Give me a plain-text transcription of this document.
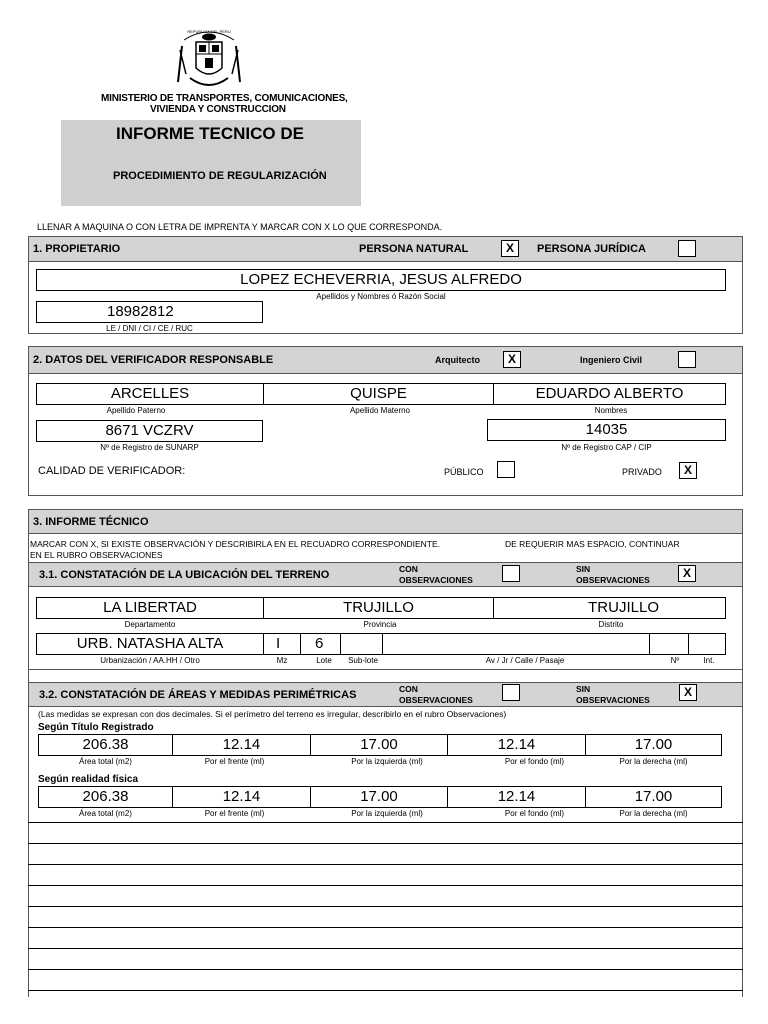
REPUBLICA DEL PERU
MINISTERIO DE TRANSPORTES, COMUNICACIONES,
VIVIENDA Y CONSTRUCCION
INFORME TECNICO DE
PROCEDIMIENTO DE REGULARIZACIÓN
LLENAR A MAQUINA O CON LETRA DE IMPRENTA Y MARCAR CON X LO QUE CORRESPONDA.
1. PROPIETARIO	PERSONA NATURAL	PERSONA JURÍDICA
X
LOPEZ ECHEVERRIA, JESUS ALFREDO
Apellidos y Nombres ó Razón Social
18982812
LE / DNI / CI / CE / RUC
2. DATOS DEL VERIFICADOR RESPONSABLE	Arquitecto	Ingeniero Civil
X
ARCELLES	QUISPE	EDUARDO ALBERTO
Apellido Paterno	Apellido Materno	Nombres
8671 VCZRV
Nº de Registro de SUNARP
14035
Nº de Registro CAP / CIP
CALIDAD DE VERIFICADOR:	PÚBLICO	PRIVADO	X
3. INFORME TÉCNICO
MARCAR CON X, SI EXISTE OBSERVACIÓN Y DESCRIBIRLA EN EL RECUADRO CORRESPONDIENTE.	DE REQUERIR MAS ESPACIO, CONTINUAR
EN EL RUBRO OBSERVACIONES
3.1. CONSTATACIÓN DE LA UBICACIÓN DEL TERRENO	CON
OBSERVACIONES
SIN
OBSERVACIONES	X
LA LIBERTAD	TRUJILLO	TRUJILLO
Departamento	Provincia	Distrito
URB. NATASHA ALTA	I	6
Urbanización / AA.HH / Otro	Mz	Lote	Sub-lote	Av / Jr / Calle / Pasaje	Nº	Int.
3.2. CONSTATACIÓN DE ÁREAS Y MEDIDAS PERIMÉTRICAS	CON
OBSERVACIONES
SIN
OBSERVACIONES
X
(Las medidas se expresan con dos decimales. Si el perímetro del terreno es irregular, describirlo en el rubro Observaciones)
Según Título Registrado
206.38	12.14	17.00	12.14	17.00
Área total (m2)	Por el frente (ml)	Por la izquierda (ml)	Por el fondo (ml)	Por la derecha (ml)
Según realidad física
206.38	12.14	17.00	12.14	17.00
Área total (m2)	Por el frente (ml)	Por la izquierda (ml)	Por el fondo (ml)	Por la derecha (ml)
